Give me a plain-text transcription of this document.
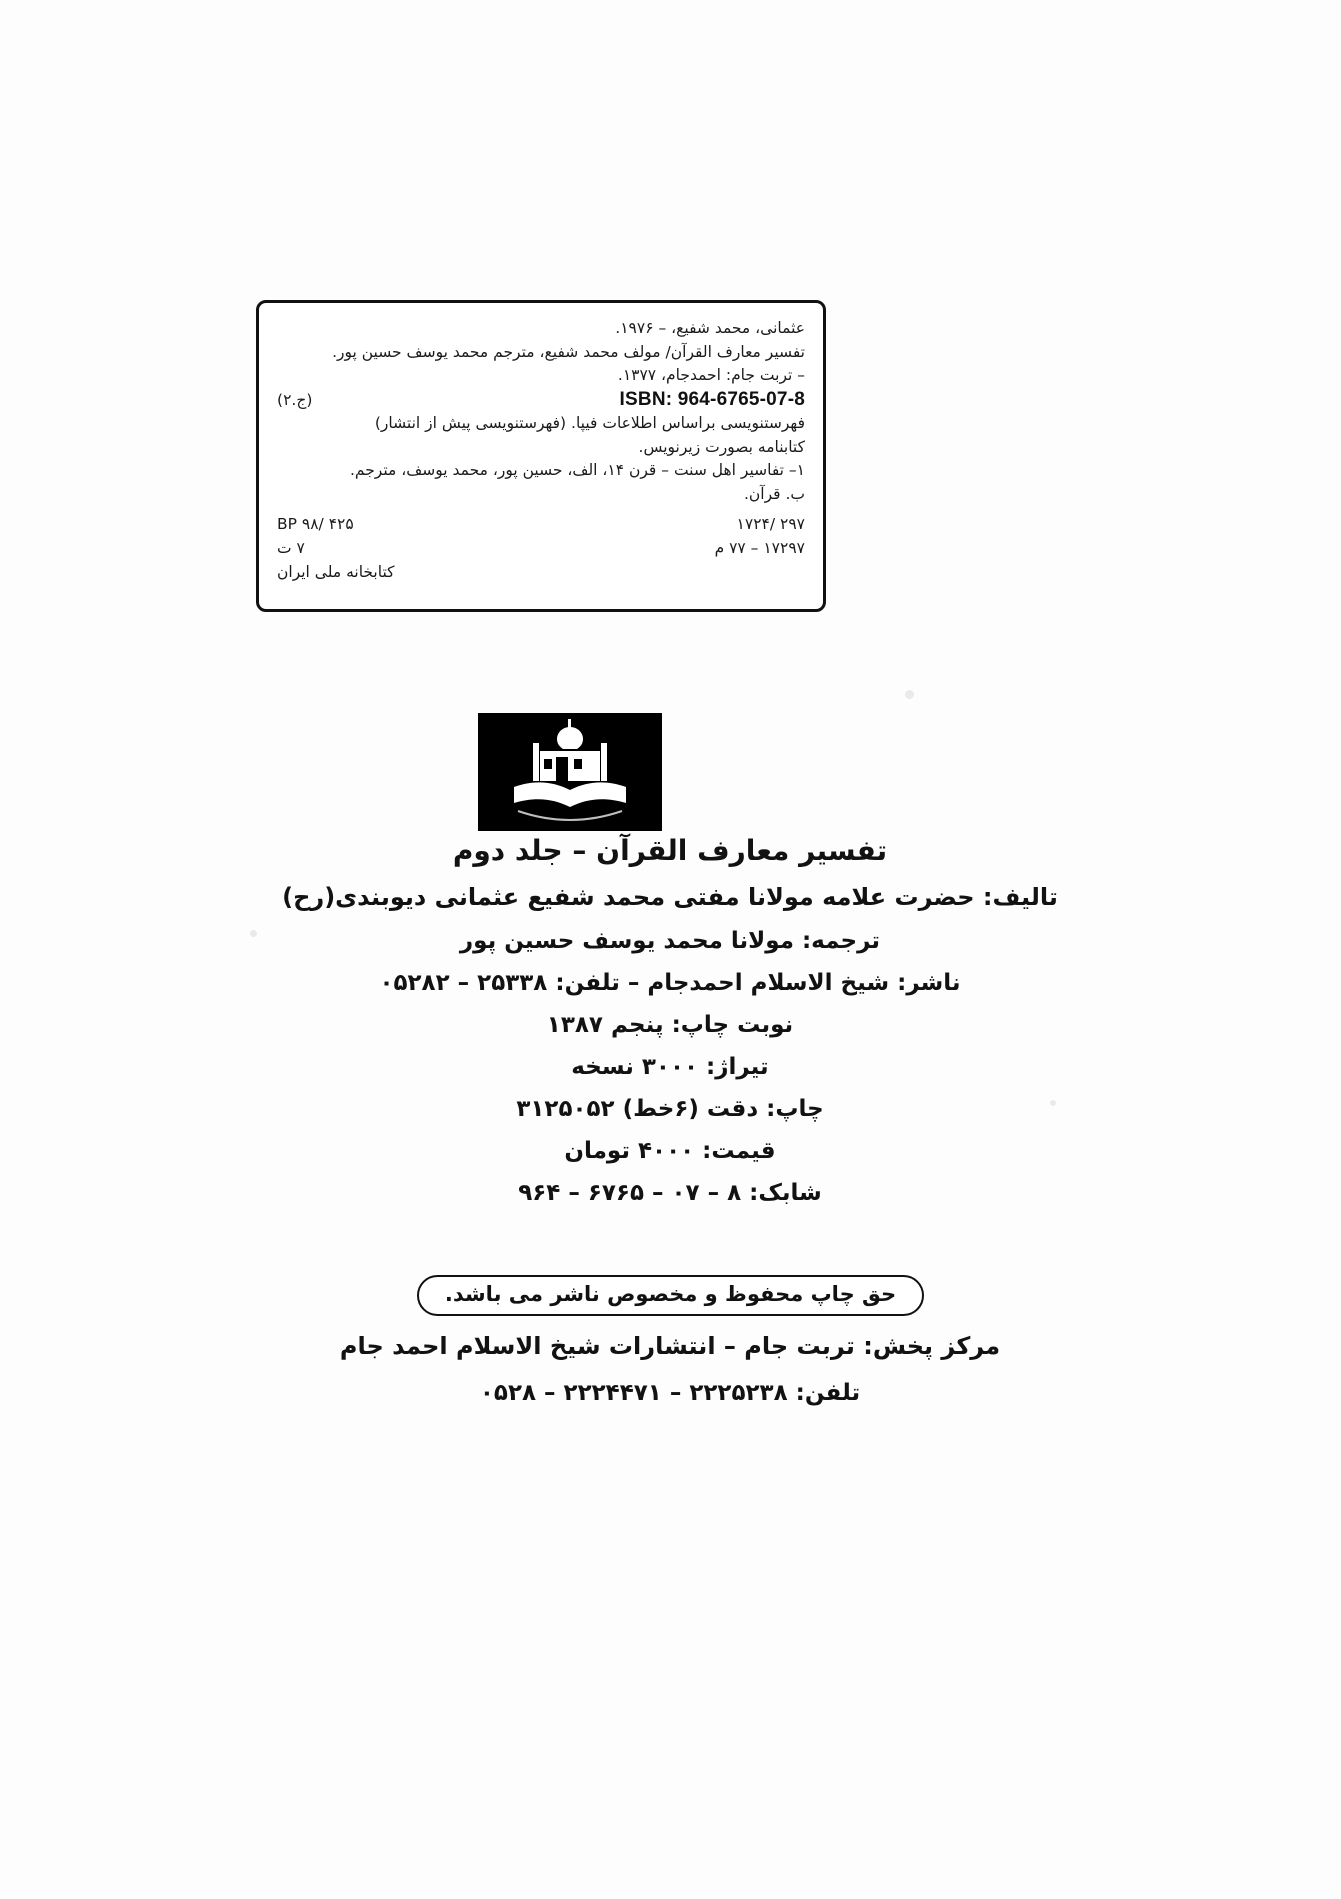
عثمانی، محمد شفیع، – ۱۹۷۶.
تفسیر معارف القرآن/ مولف محمد شفیع، مترجم محمد یوسف حسین پور.
– تربت جام: احمدجام، ۱۳۷۷.
(ج.۲)	ISBN: 964-6765-07-8
فهرستنویسی براساس اطلاعات فیپا. (فهرستنویسی پیش از انتشار)
کتابنامه بصورت زیرنویس.
۱– تفاسیر اهل سنت – قرن ۱۴، الف، حسین پور، محمد یوسف، مترجم.
ب. قرآن.
BP ۹۸/ ۴۲۵	۲۹۷ /۱۷۲۴
۷ ت	۱۷۲۹۷ – ۷۷ م
کتابخانه ملی ایران
تفسیر معارف القرآن – جلد دوم
تالیف: حضرت علامه مولانا مفتی محمد شفیع عثمانی دیوبندی(رح)
ترجمه: مولانا محمد یوسف حسین پور
ناشر: شیخ الاسلام احمدجام – تلفن: ۲۵۳۳۸ – ۰۵۲۸۲
نوبت چاپ: پنجم ۱۳۸۷
تیراژ: ۳۰۰۰ نسخه
چاپ: دقت (۶خط) ۳۱۲۵۰۵۲
قیمت: ۴۰۰۰ تومان
شابک: ۸ – ۰۷ – ۶۷۶۵ – ۹۶۴
حق چاپ محفوظ و مخصوص ناشر می باشد.
مرکز پخش: تربت جام – انتشارات شیخ الاسلام احمد جام
تلفن: ۲۲۲۵۲۳۸ – ۲۲۲۴۴۷۱ – ۰۵۲۸
